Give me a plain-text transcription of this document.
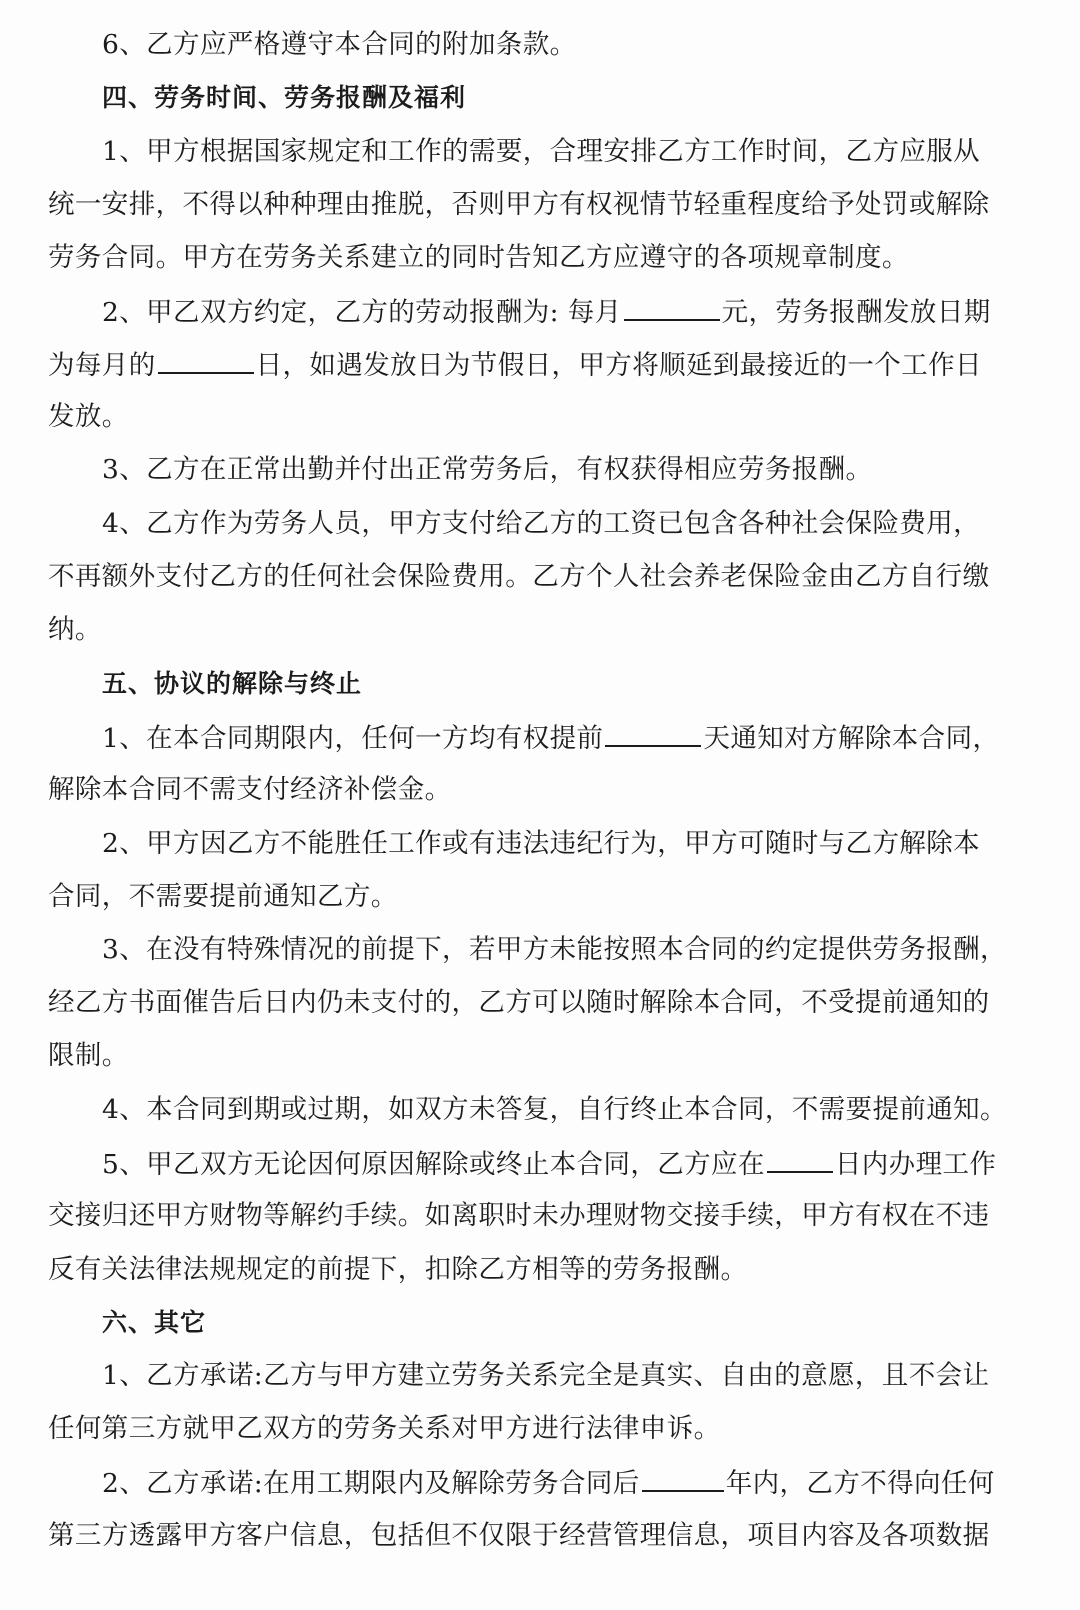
6、乙方应严格遵守本合同的附加条款。
四、劳务时间、劳务报酬及福利
1、甲方根据国家规定和工作的需要，合理安排乙方工作时间，乙方应服从
统一安排，不得以种种理由推脱，否则甲方有权视情节轻重程度给予处罚或解除
劳务合同。甲方在劳务关系建立的同时告知乙方应遵守的各项规章制度。
2、甲乙双方约定，乙方的劳动报酬为: 每月	元，劳务报酬发放日期
为每月的	日，如遇发放日为节假日，甲方将顺延到最接近的一个工作日
发放。
3、乙方在正常出勤并付出正常劳务后，有权获得相应劳务报酬。
4、乙方作为劳务人员，甲方支付给乙方的工资已包含各种社会保险费用，
不再额外支付乙方的任何社会保险费用。乙方个人社会养老保险金由乙方自行缴
纳。
五、协议的解除与终止
1、在本合同期限内，任何一方均有权提前	天通知对方解除本合同，
解除本合同不需支付经济补偿金。
2、甲方因乙方不能胜任工作或有违法违纪行为，甲方可随时与乙方解除本
合同，不需要提前通知乙方。
3、在没有特殊情况的前提下，若甲方未能按照本合同的约定提供劳务报酬，
经乙方书面催告后日内仍未支付的，乙方可以随时解除本合同，不受提前通知的
限制。
4、本合同到期或过期，如双方未答复，自行终止本合同，不需要提前通知。
5、甲乙双方无论因何原因解除或终止本合同，乙方应在	日内办理工作
交接归还甲方财物等解约手续。如离职时未办理财物交接手续，甲方有权在不违
反有关法律法规规定的前提下，扣除乙方相等的劳务报酬。
六、其它
1、乙方承诺:乙方与甲方建立劳务关系完全是真实、自由的意愿，且不会让
任何第三方就甲乙双方的劳务关系对甲方进行法律申诉。
2、乙方承诺:在用工期限内及解除劳务合同后	年内，乙方不得向任何
第三方透露甲方客户信息，包括但不仅限于经营管理信息，项目内容及各项数据
